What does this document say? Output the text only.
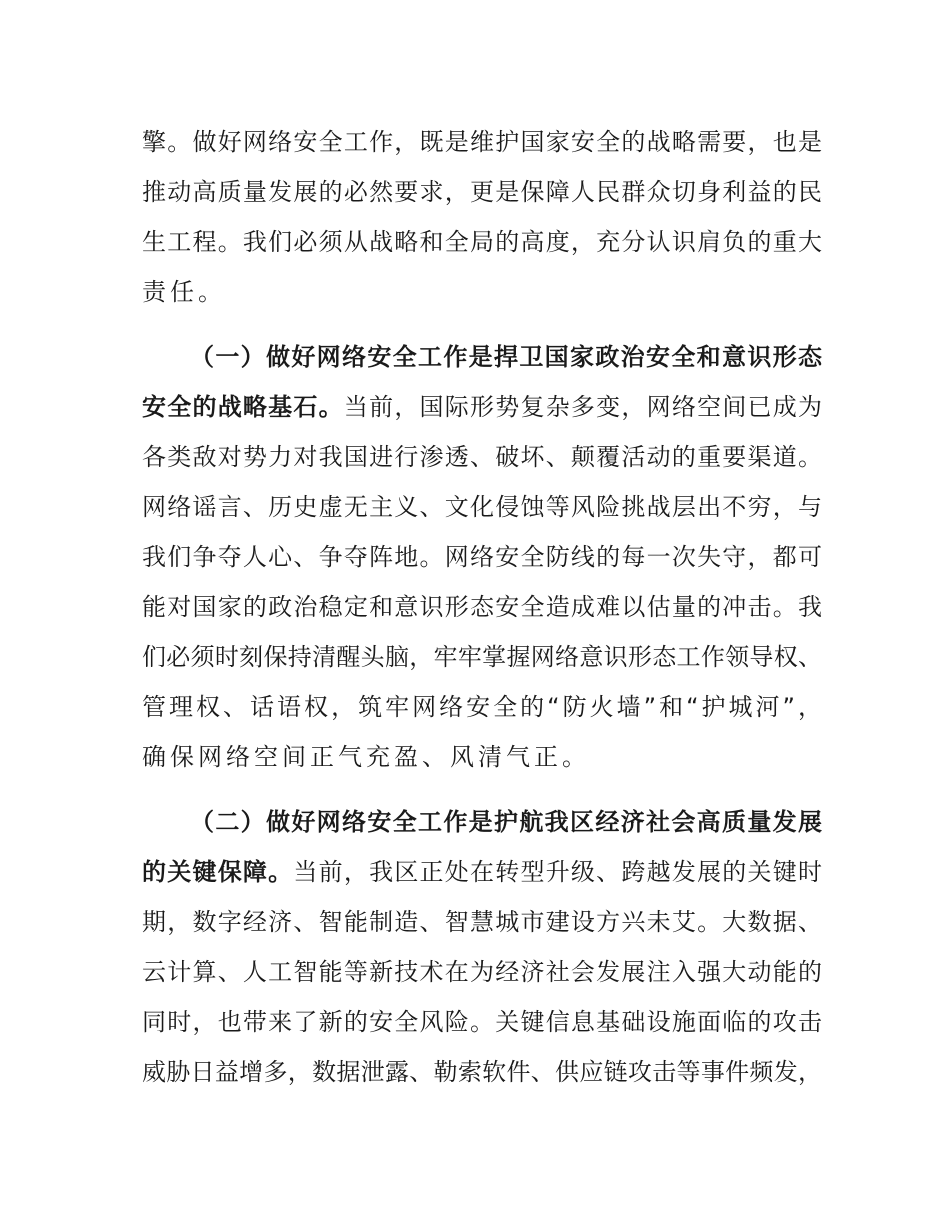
擎。做好网络安全工作，既是维护国家安全的战略需要，也是

推动高质量发展的必然要求，更是保障人民群众切身利益的民

生工程。我们必须从战略和全局的高度，充分认识肩负的重大

责任。

（一）做好网络安全工作是捍卫国家政治安全和意识形态

安全的战略基石。当前，国际形势复杂多变，网络空间已成为

各类敌对势力对我国进行渗透、破坏、颠覆活动的重要渠道。

网络谣言、历史虚无主义、文化侵蚀等风险挑战层出不穷，与

我们争夺人心、争夺阵地。网络安全防线的每一次失守，都可

能对国家的政治稳定和意识形态安全造成难以估量的冲击。我

们必须时刻保持清醒头脑，牢牢掌握网络意识形态工作领导权、

管理权、话语权，筑牢网络安全的“防火墙”和“护城河”，

确保网络空间正气充盈、风清气正。

（二）做好网络安全工作是护航我区经济社会高质量发展

的关键保障。当前，我区正处在转型升级、跨越发展的关键时

期，数字经济、智能制造、智慧城市建设方兴未艾。大数据、

云计算、人工智能等新技术在为经济社会发展注入强大动能的

同时，也带来了新的安全风险。关键信息基础设施面临的攻击

威胁日益增多，数据泄露、勒索软件、供应链攻击等事件频发，
